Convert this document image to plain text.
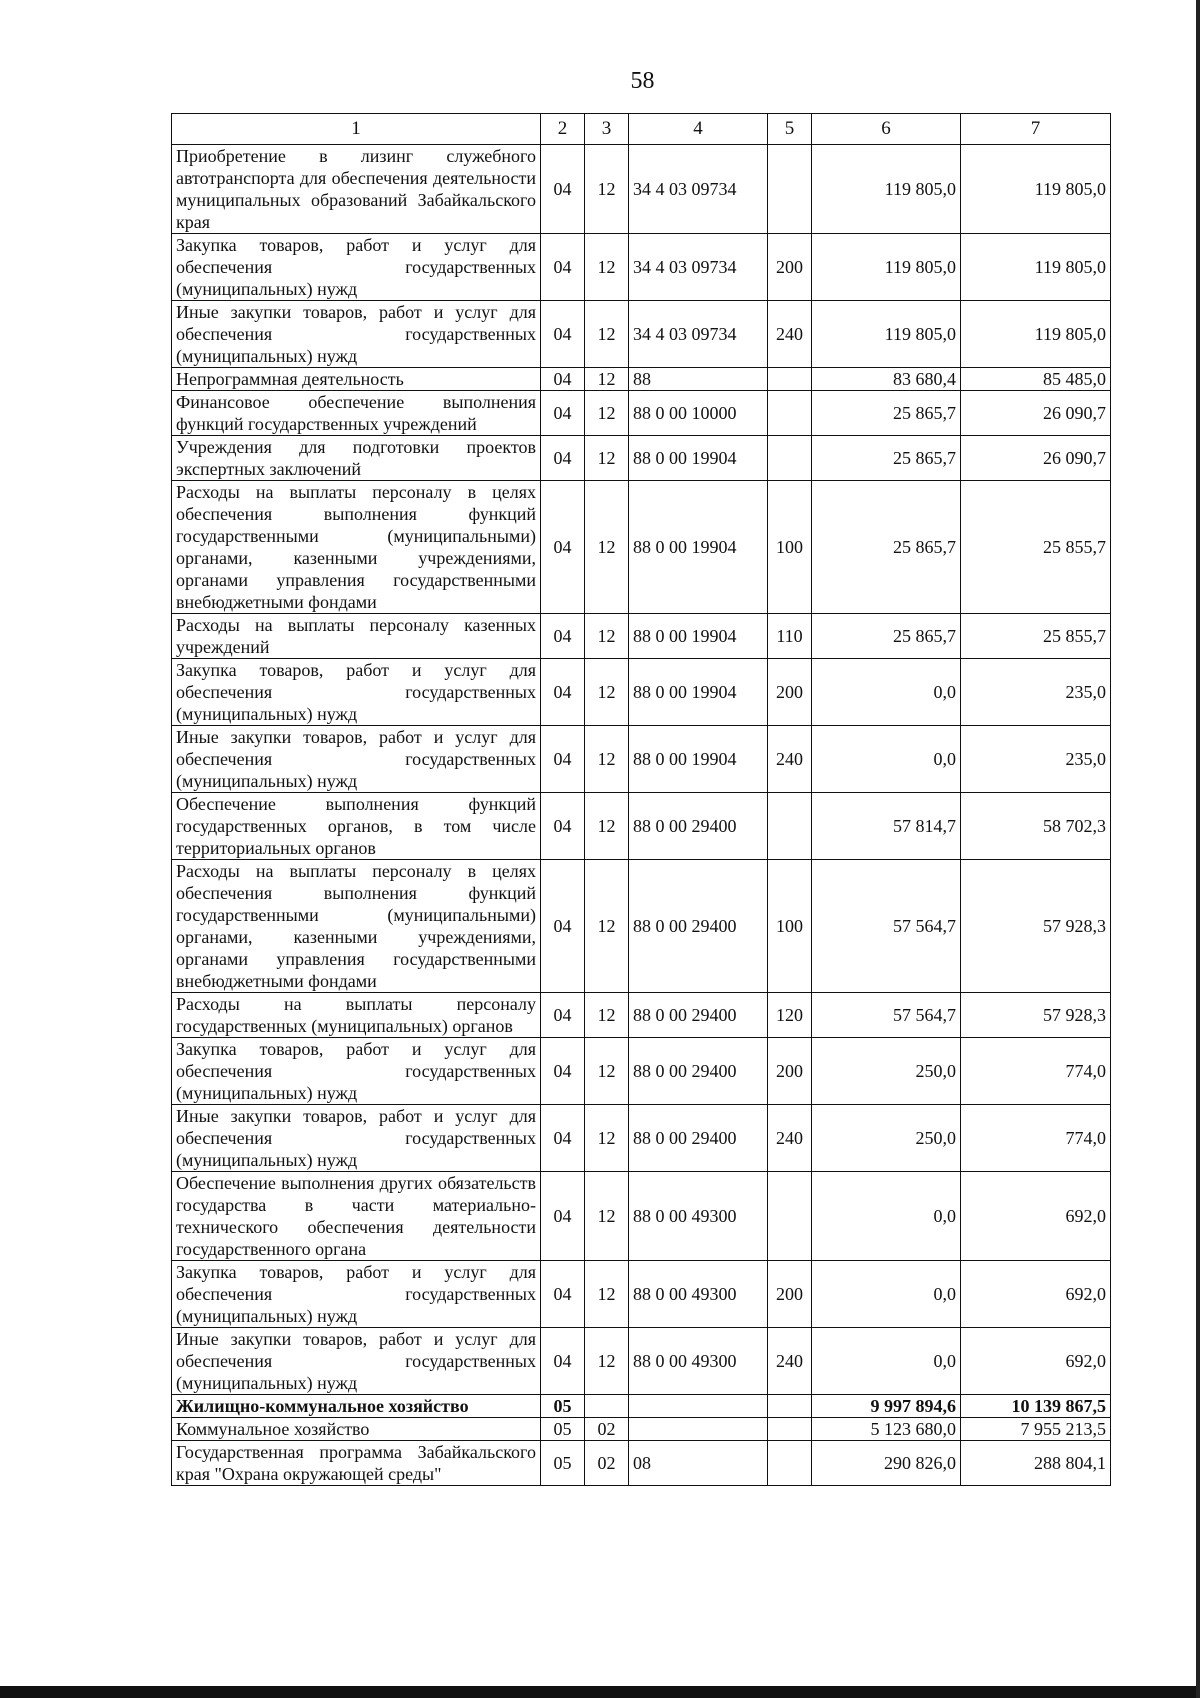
58
1	2	3	4	5	6	7
Приобретение в лизинг служебного автотранспорта для обеспечения деятельности муниципальных образований Забайкальского края	04	12	34 4 03 09734		119 805,0	119 805,0
Закупка товаров, работ и услуг для обеспечения государственных (муниципальных) нужд	04	12	34 4 03 09734	200	119 805,0	119 805,0
Иные закупки товаров, работ и услуг для обеспечения государственных (муниципальных) нужд	04	12	34 4 03 09734	240	119 805,0	119 805,0
Непрограммная деятельность	04	12	88		83 680,4	85 485,0
Финансовое обеспечение выполнения функций государственных учреждений	04	12	88 0 00 10000		25 865,7	26 090,7
Учреждения для подготовки проектов экспертных заключений	04	12	88 0 00 19904		25 865,7	26 090,7
Расходы на выплаты персоналу в целях обеспечения выполнения функций государственными (муниципальными) органами, казенными учреждениями, органами управления государственными внебюджетными фондами	04	12	88 0 00 19904	100	25 865,7	25 855,7
Расходы на выплаты персоналу казенных учреждений	04	12	88 0 00 19904	110	25 865,7	25 855,7
Закупка товаров, работ и услуг для обеспечения государственных (муниципальных) нужд	04	12	88 0 00 19904	200	0,0	235,0
Иные закупки товаров, работ и услуг для обеспечения государственных (муниципальных) нужд	04	12	88 0 00 19904	240	0,0	235,0
Обеспечение выполнения функций государственных органов, в том числе территориальных органов	04	12	88 0 00 29400		57 814,7	58 702,3
Расходы на выплаты персоналу в целях обеспечения выполнения функций государственными (муниципальными) органами, казенными учреждениями, органами управления государственными внебюджетными фондами	04	12	88 0 00 29400	100	57 564,7	57 928,3
Расходы на выплаты персоналу государственных (муниципальных) органов	04	12	88 0 00 29400	120	57 564,7	57 928,3
Закупка товаров, работ и услуг для обеспечения государственных (муниципальных) нужд	04	12	88 0 00 29400	200	250,0	774,0
Иные закупки товаров, работ и услуг для обеспечения государственных (муниципальных) нужд	04	12	88 0 00 29400	240	250,0	774,0
Обеспечение выполнения других обязательств государства в части материально-технического обеспечения деятельности государственного органа	04	12	88 0 00 49300		0,0	692,0
Закупка товаров, работ и услуг для обеспечения государственных (муниципальных) нужд	04	12	88 0 00 49300	200	0,0	692,0
Иные закупки товаров, работ и услуг для обеспечения государственных (муниципальных) нужд	04	12	88 0 00 49300	240	0,0	692,0
Жилищно-коммунальное хозяйство	05				9 997 894,6	10 139 867,5
Коммунальное хозяйство	05	02			5 123 680,0	7 955 213,5
Государственная программа Забайкальского края "Охрана окружающей среды"	05	02	08		290 826,0	288 804,1
